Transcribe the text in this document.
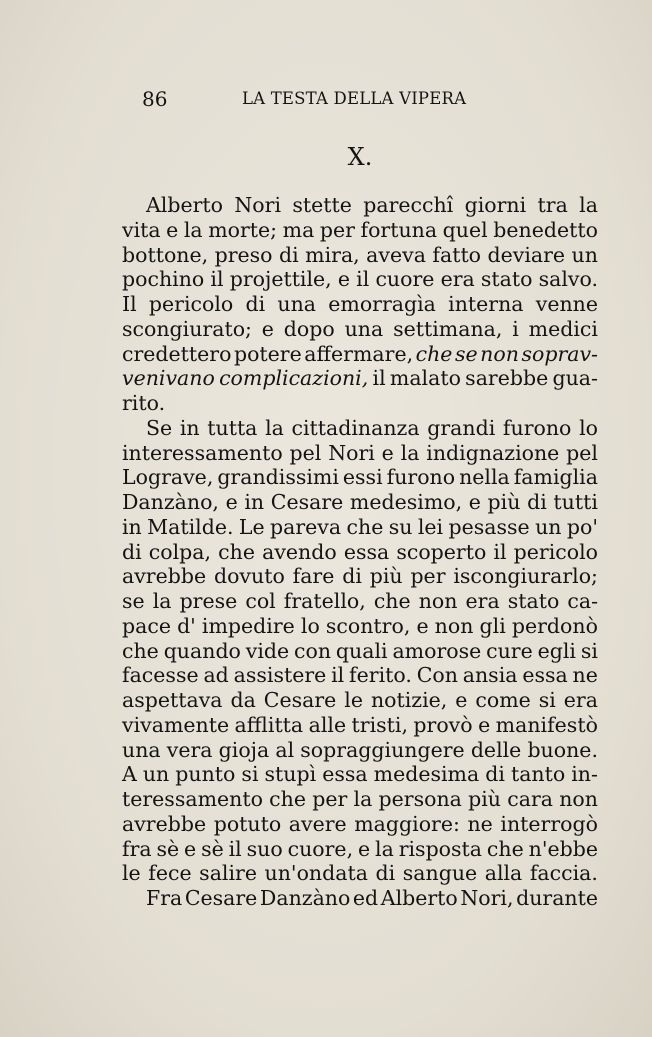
86	LA TESTA DELLA VIPERA
X.
Alberto Nori stette parecchî giorni tra la
vita e la morte; ma per fortuna quel benedetto
bottone, preso di mira, aveva fatto deviare un
pochino il projettile, e il cuore era stato salvo.
Il pericolo di una emorragìa interna venne
scongiurato; e dopo una settimana, i medici
credettero potere affermare, che se non soprav-
venivano complicazioni, il malato sarebbe gua-
rito.
Se in tutta la cittadinanza grandi furono lo
interessamento pel Nori e la indignazione pel
Lograve, grandissimi essi furono nella famiglia
Danzàno, e in Cesare medesimo, e più di tutti
in Matilde. Le pareva che su lei pesasse un po'
di colpa, che avendo essa scoperto il pericolo
avrebbe dovuto fare di più per iscongiurarlo;
se la prese col fratello, che non era stato ca-
pace d' impedire lo scontro, e non gli perdonò
che quando vide con quali amorose cure egli si
facesse ad assistere il ferito. Con ansia essa ne
aspettava da Cesare le notizie, e come si era
vivamente afflitta alle tristi, provò e manifestò
una vera gioja al sopraggiungere delle buone.
A un punto si stupì essa medesima di tanto in-
teressamento che per la persona più cara non
avrebbe potuto avere maggiore: ne interrogò
fra sè e sè il suo cuore, e la risposta che n'ebbe
le fece salire un'ondata di sangue alla faccia.
Fra Cesare Danzàno ed Alberto Nori, durante
